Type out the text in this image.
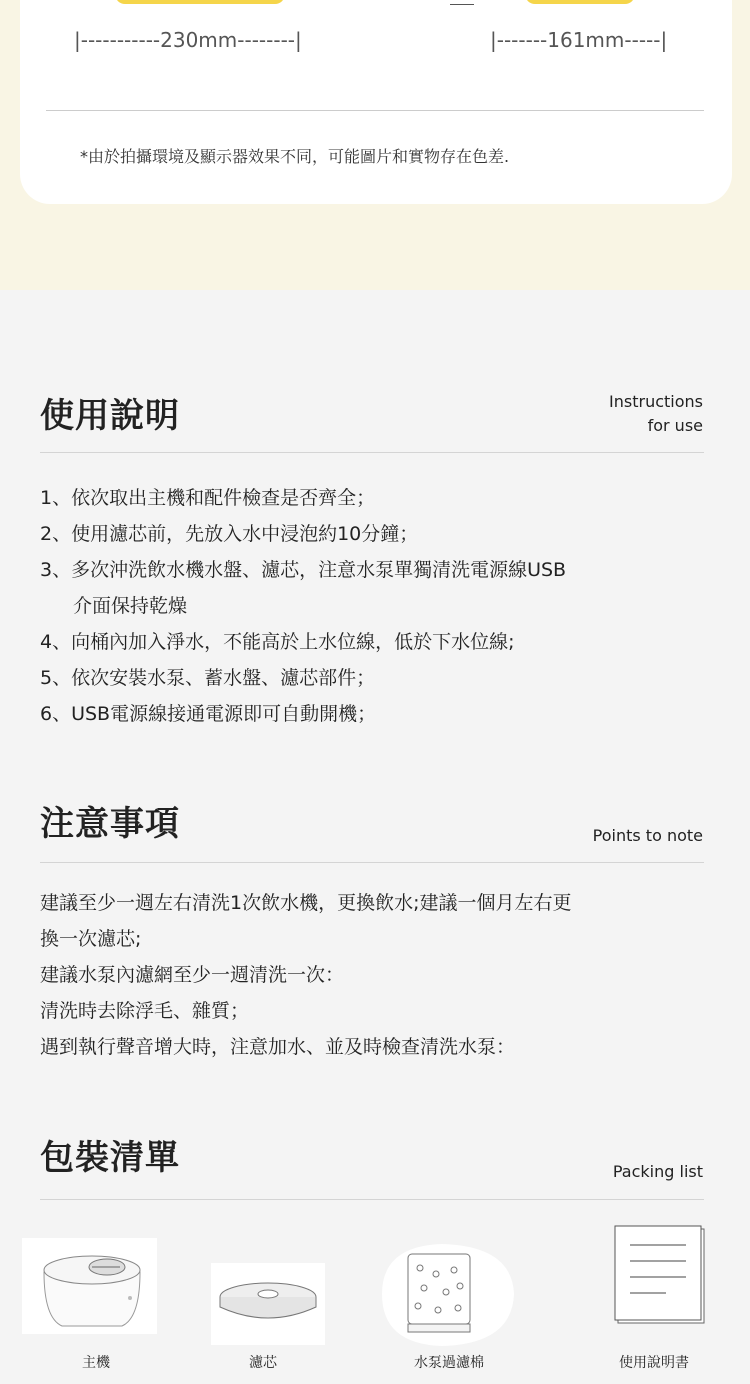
|-----------230mm--------|	|-------161mm-----|
*由於拍攝環境及顯示器效果不同，可能圖片和實物存在色差.
使用說明	Instructions
for use
1、依次取出主機和配件檢查是否齊全；
2、使用濾芯前，先放入水中浸泡約10分鐘；
3、多次沖洗飲水機水盤、濾芯，注意水泵單獨清洗電源線USB
介面保持乾燥
4、向桶內加入淨水，不能高於上水位線，低於下水位線;
5、依次安裝水泵、蓄水盤、濾芯部件；
6、USB電源線接通電源即可自動開機；
注意事項	Points to note
建議至少一週左右清洗1次飲水機，更換飲水;建議一個月左右更
換一次濾芯;
建議水泵內濾網至少一週清洗一次：
清洗時去除浮毛、雜質；
遇到執行聲音增大時，注意加水、並及時檢查清洗水泵：
包裝清單	Packing list
主機	濾芯	水泵過濾棉	使用說明書
